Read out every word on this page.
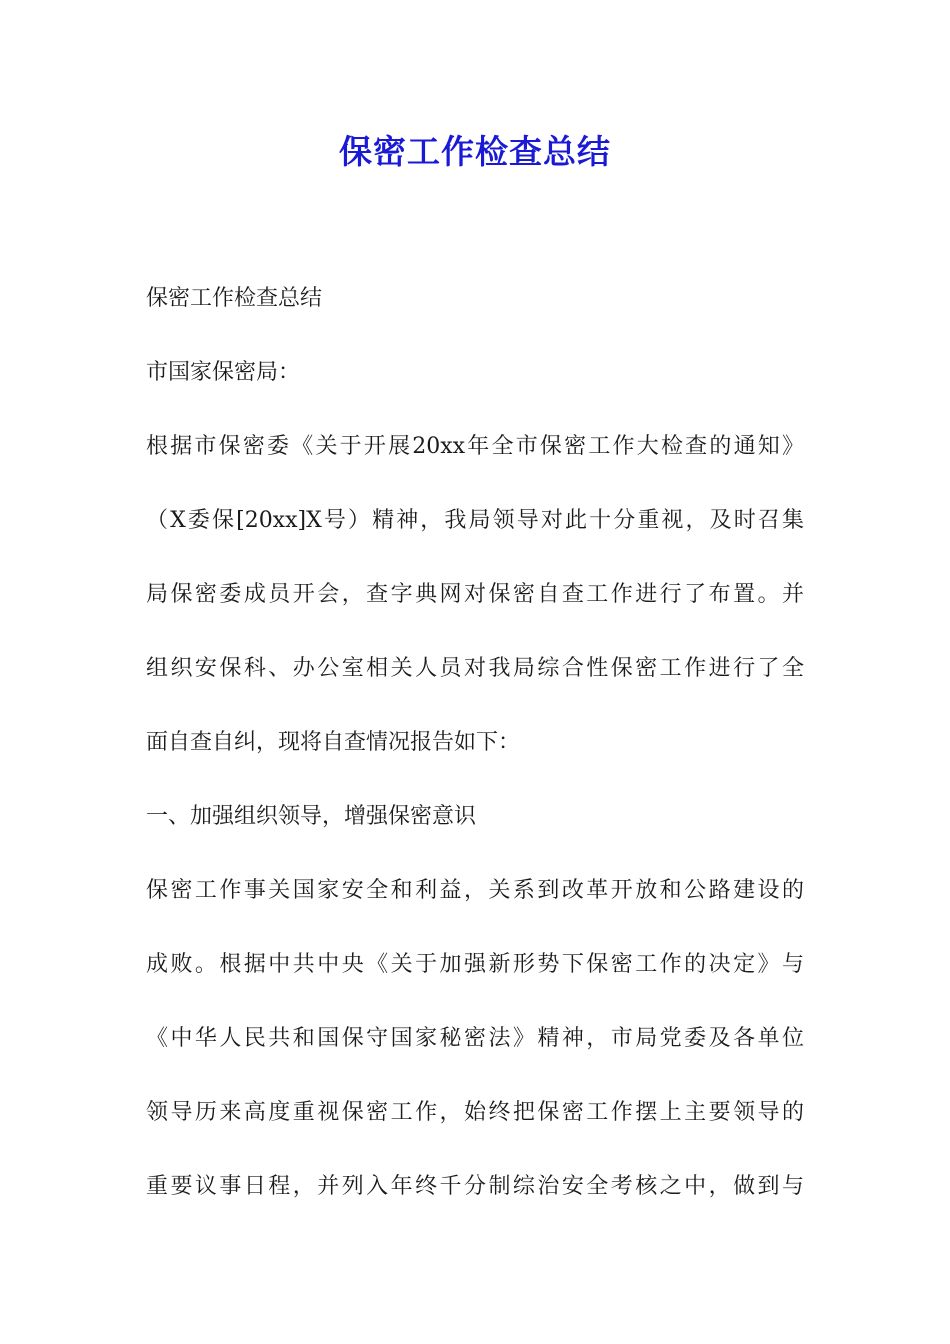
保密工作检查总结
保密工作检查总结
市国家保密局：
根据市保密委《关于开展20xx年全市保密工作大检查的通知》
（X委保[20xx]X号）精神，我局领导对此十分重视，及时召集
局保密委成员开会，查字典网对保密自查工作进行了布置。并
组织安保科、办公室相关人员对我局综合性保密工作进行了全
面自查自纠，现将自查情况报告如下：
一、加强组织领导，增强保密意识
保密工作事关国家安全和利益，关系到改革开放和公路建设的
成败。根据中共中央《关于加强新形势下保密工作的决定》与
《中华人民共和国保守国家秘密法》精神，市局党委及各单位
领导历来高度重视保密工作，始终把保密工作摆上主要领导的
重要议事日程，并列入年终千分制综治安全考核之中，做到与
